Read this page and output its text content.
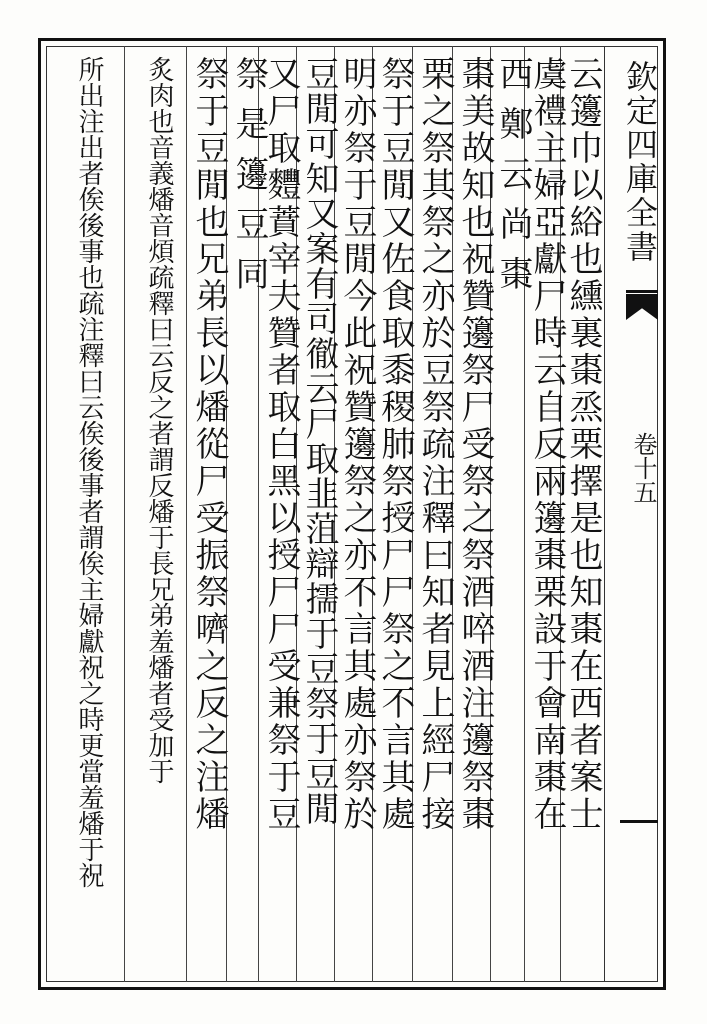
欽定四庫全書
卷十五
云籩巾以綌也纁裏棗烝栗擇是也知棗在西者案士
虞禮主婦亞獻尸時云自反兩籩棗栗設于會南棗在
西鄭云尚棗
棗美故知也祝贊籩祭尸受祭之祭酒啐酒注籩祭棗
栗之祭其祭之亦於豆祭疏注釋曰知者見上經尸接
祭于豆閒又佐食取黍稷肺祭授尸尸祭之不言其處
明亦祭于豆閒今此祝贊籩祭之亦不言其處亦祭於
豆閒可知又案有司徹云尸取韭菹辯擩于豆祭于豆閒
又尸取麷蕡宰夫贊者取白黑以授尸尸受兼祭于豆
祭是籩豆同
祭于豆閒也兄弟長以燔從尸受振祭嚌之反之注燔
炙肉也音義燔音煩疏釋曰云反之者謂反燔于長兄弟羞燔者受加于
所出注出者俟後事也疏注釋曰云俟後事者謂俟主婦獻祝之時更當羞燔于祝
